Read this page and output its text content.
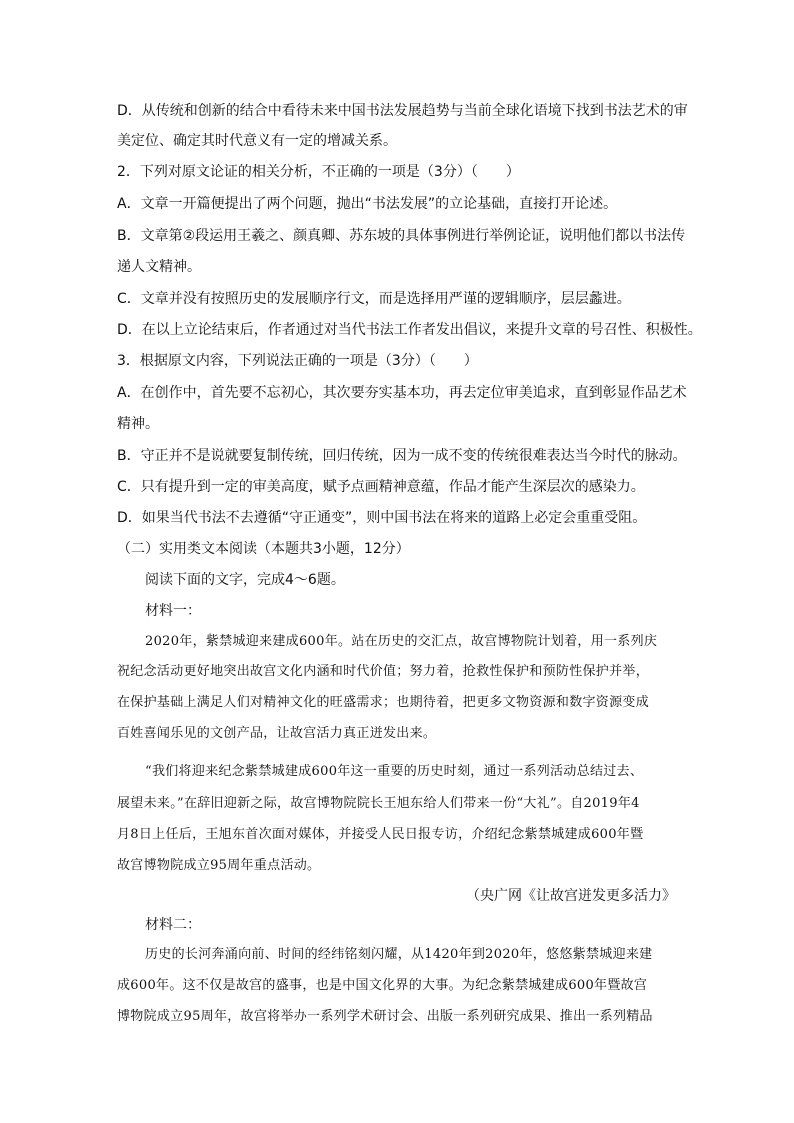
D．从传统和创新的结合中看待未来中国书法发展趋势与当前全球化语境下找到书法艺术的审
美定位、确定其时代意义有一定的增减关系。
2．下列对原文论证的相关分析，不正确的一项是（3分）（　　）
A．文章一开篇便提出了两个问题，抛出“书法发展”的立论基础，直接打开论述。
B．文章第②段运用王羲之、颜真卿、苏东坡的具体事例进行举例论证，说明他们都以书法传
递人文精神。
C．文章并没有按照历史的发展顺序行文，而是选择用严谨的逻辑顺序，层层蠡进。
D．在以上立论结束后，作者通过对当代书法工作者发出倡议，来提升文章的号召性、积极性。
3．根据原文内容，下列说法正确的一项是（3分）（　　）
A．在创作中，首先要不忘初心，其次要夯实基本功，再去定位审美追求，直到彰显作品艺术
精神。
B．守正并不是说就要复制传统，回归传统，因为一成不变的传统很难表达当今时代的脉动。
C．只有提升到一定的审美高度，赋予点画精神意蕴，作品才能产生深层次的感染力。
D．如果当代书法不去遵循“守正通变”，则中国书法在将来的道路上必定会重重受阻。
（二）实用类文本阅读（本题共3小题，12分）
阅读下面的文字，完成4～6题。
材料一：
2020年，紫禁城迎来建成600年。站在历史的交汇点，故宫博物院计划着，用一系列庆
祝纪念活动更好地突出故宫文化内涵和时代价值；努力着，抢救性保护和预防性保护并举，
在保护基础上满足人们对精神文化的旺盛需求；也期待着，把更多文物资源和数字资源变成
百姓喜闻乐见的文创产品，让故宫活力真正迸发出来。
“我们将迎来纪念紫禁城建成600年这一重要的历史时刻，通过一系列活动总结过去、
展望未来。”在辞旧迎新之际，故宫博物院院长王旭东给人们带来一份“大礼”。自2019年4
月8日上任后，王旭东首次面对媒体，并接受人民日报专访，介绍纪念紫禁城建成600年暨
故宫博物院成立95周年重点活动。
（央广网《让故宫迸发更多活力》
材料二：
历史的长河奔涌向前、时间的经纬铭刻闪耀，从1420年到2020年，悠悠紫禁城迎来建
成600年。这不仅是故宫的盛事，也是中国文化界的大事。为纪念紫禁城建成600年暨故宫
博物院成立95周年，故宫将举办一系列学术研讨会、出版一系列研究成果、推出一系列精品
